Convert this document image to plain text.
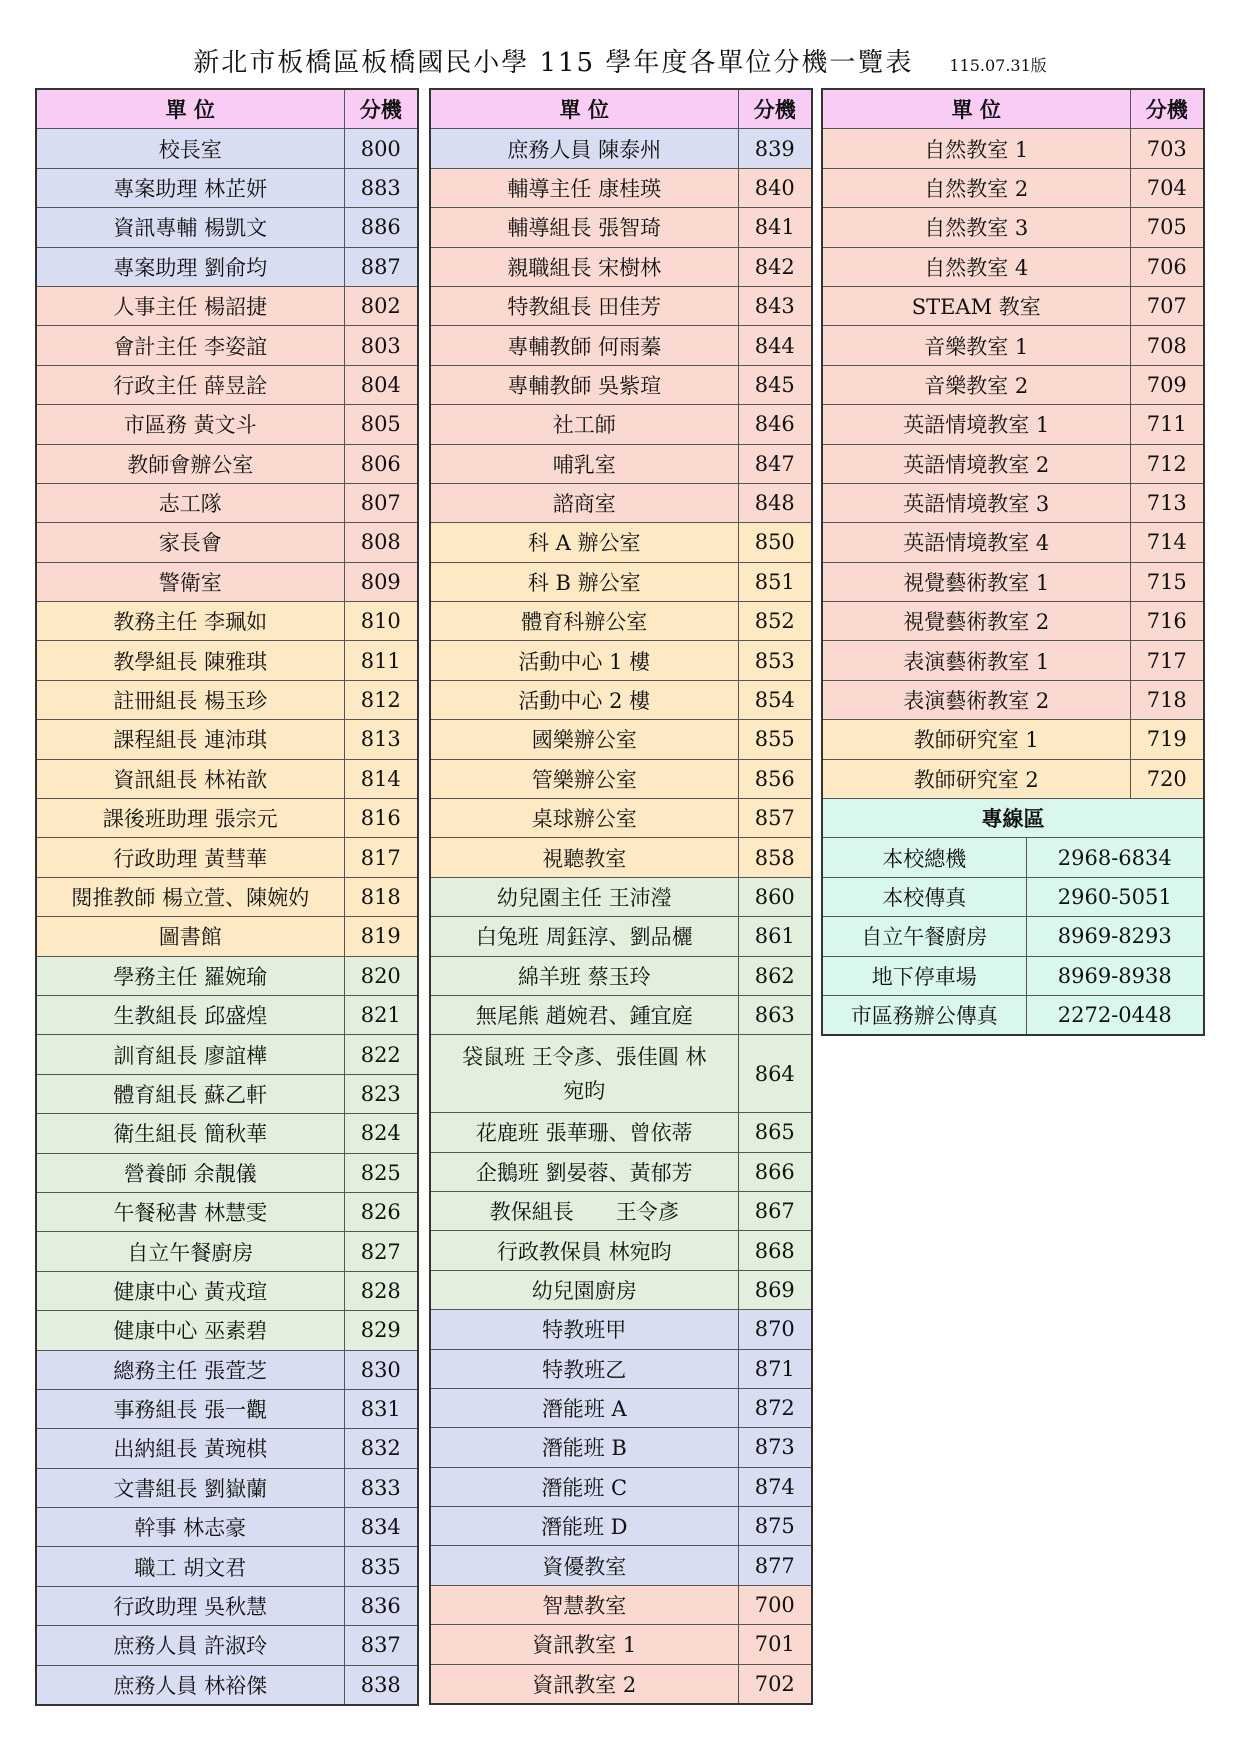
新北市板橋區板橋國民小學 115 學年度各單位分機一覽表 115.07.31版
單 位	分機
校長室	800
專案助理 林芷妍	883
資訊專輔 楊凱文	886
專案助理 劉俞均	887
人事主任 楊詔捷	802
會計主任 李姿誼	803
行政主任 薛昱詮	804
市區務 黃文斗	805
教師會辦公室	806
志工隊	807
家長會	808
警衛室	809
教務主任 李珮如	810
教學組長 陳雅琪	811
註冊組長 楊玉珍	812
課程組長 連沛琪	813
資訊組長 林祐歆	814
課後班助理 張宗元	816
行政助理 黃彗華	817
閱推教師 楊立萱、陳婉妁	818
圖書館	819
學務主任 羅婉瑜	820
生教組長 邱盛煌	821
訓育組長 廖誼樺	822
體育組長 蘇乙軒	823
衛生組長 簡秋華	824
營養師 余靚儀	825
午餐秘書 林慧雯	826
自立午餐廚房	827
健康中心 黃戎瑄	828
健康中心 巫素碧	829
總務主任 張萓芝	830
事務組長 張一觀	831
出納組長 黃琬棋	832
文書組長 劉嶽蘭	833
幹事 林志豪	834
職工 胡文君	835
行政助理 吳秋慧	836
庶務人員 許淑玲	837
庶務人員 林裕傑	838
單 位	分機
庶務人員 陳泰州	839
輔導主任 康桂瑛	840
輔導組長 張智琦	841
親職組長 宋樹林	842
特教組長 田佳芳	843
專輔教師 何雨蓁	844
專輔教師 吳紫瑄	845
社工師	846
哺乳室	847
諮商室	848
科 A 辦公室	850
科 B 辦公室	851
體育科辦公室	852
活動中心 1 樓	853
活動中心 2 樓	854
國樂辦公室	855
管樂辦公室	856
桌球辦公室	857
視聽教室	858
幼兒園主任 王沛瀅	860
白兔班 周鈺淳、劉品欐	861
綿羊班 蔡玉玲	862
無尾熊 趙婉君、鍾宜庭	863
袋鼠班 王令彥、張佳圓 林宛昀	864
花鹿班 張華珊、曾依蒂	865
企鵝班 劉晏蓉、黃郁芳	866
教保組長　　王令彥	867
行政教保員 林宛昀	868
幼兒園廚房	869
特教班甲	870
特教班乙	871
潛能班 A	872
潛能班 B	873
潛能班 C	874
潛能班 D	875
資優教室	877
智慧教室	700
資訊教室 1	701
資訊教室 2	702
單 位		分機
自然教室 1		703
自然教室 2		704
自然教室 3		705
自然教室 4		706
STEAM 教室		707
音樂教室 1		708
音樂教室 2		709
英語情境教室 1		711
英語情境教室 2		712
英語情境教室 3		713
英語情境教室 4		714
視覺藝術教室 1		715
視覺藝術教室 2		716
表演藝術教室 1		717
表演藝術教室 2		718
教師研究室 1		719
教師研究室 2		720
專線區		
本校總機	2968-6834	
本校傳真	2960-5051	
自立午餐廚房	8969-8293	
地下停車場	8969-8938	
市區務辦公傳真	2272-0448	
